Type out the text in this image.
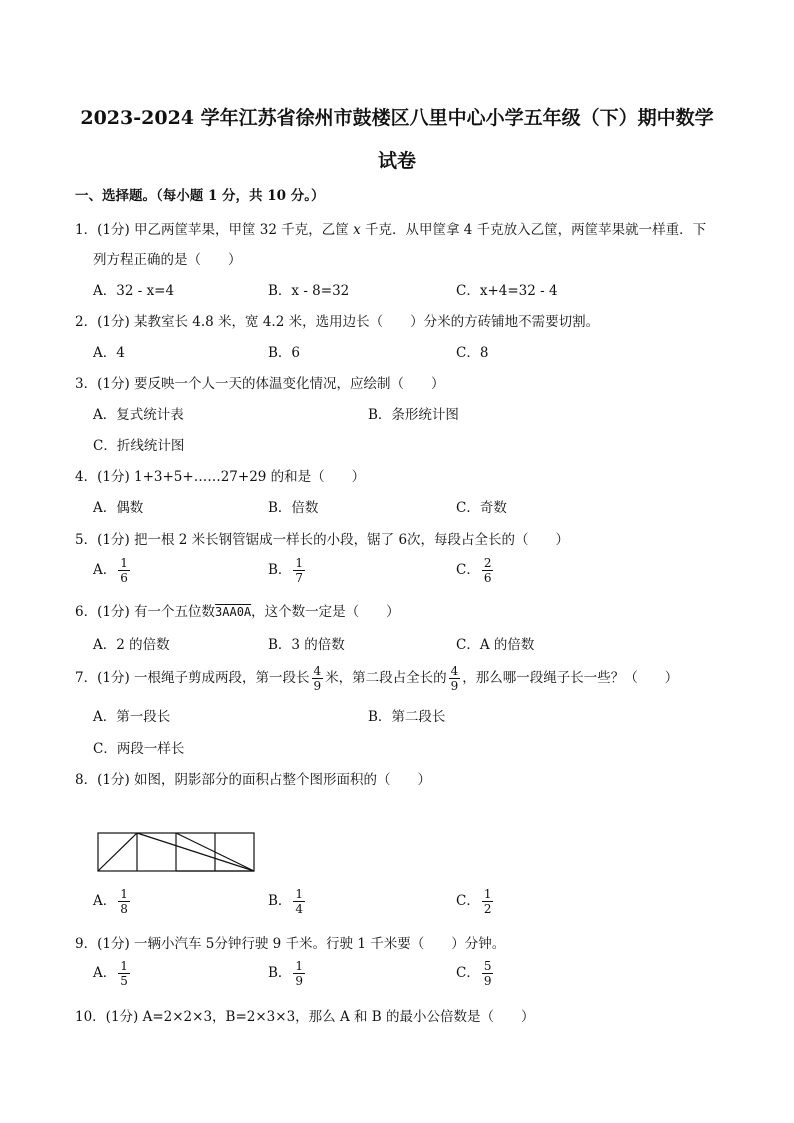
2023-2024 学年江苏省徐州市鼓楼区八里中心小学五年级（下）期中数学
试卷
一、选择题。（每小题 1 分，共 10 分。）
1．(1分) 甲乙两筐苹果，甲筐 32 千克，乙筐 x 千克．从甲筐拿 4 千克放入乙筐，两筐苹果就一样重．下
列方程正确的是（　　）
A．32 - x=4	B．x - 8=32	C．x+4=32 - 4
2．(1分) 某教室长 4.8 米，宽 4.2 米，选用边长（　　）分米的方砖铺地不需要切割。
A．4	B．6	C．8
3．(1分) 要反映一个人一天的体温变化情况，应绘制（　　）
A．复式统计表	B．条形统计图
C．折线统计图
4．(1分) 1+3+5+……27+29 的和是（　　）
A．偶数	B．倍数	C．奇数
5．(1分) 把一根 2 米长钢管锯成一样长的小段，锯了 6次，每段占全长的（　　）
A． $\frac{1}{6}$	B． $\frac{1}{7}$	C． $\frac{2}{6}$
6．(1分) 有一个五位数3AA0A，这个数一定是（　　）
A．2 的倍数	B．3 的倍数	C．A 的倍数
7．(1分) 一根绳子剪成两段，第一段长 $\frac{4}{9}$ 米，第二段占全长的 $\frac{4}{9}$ ，那么哪一段绳子长一些？（　　）
A．第一段长	B．第二段长
C．两段一样长
8．(1分) 如图，阴影部分的面积占整个图形面积的（　　）
A． $\frac{1}{8}$	B． $\frac{1}{4}$	C． $\frac{1}{2}$
9．(1分) 一辆小汽车 5分钟行驶 9 千米。行驶 1 千米要（　　）分钟。
A． $\frac{1}{5}$	B． $\frac{1}{9}$	C． $\frac{5}{9}$
10．(1分) A=2×2×3，B=2×3×3，那么 A 和 B 的最小公倍数是（　　）
